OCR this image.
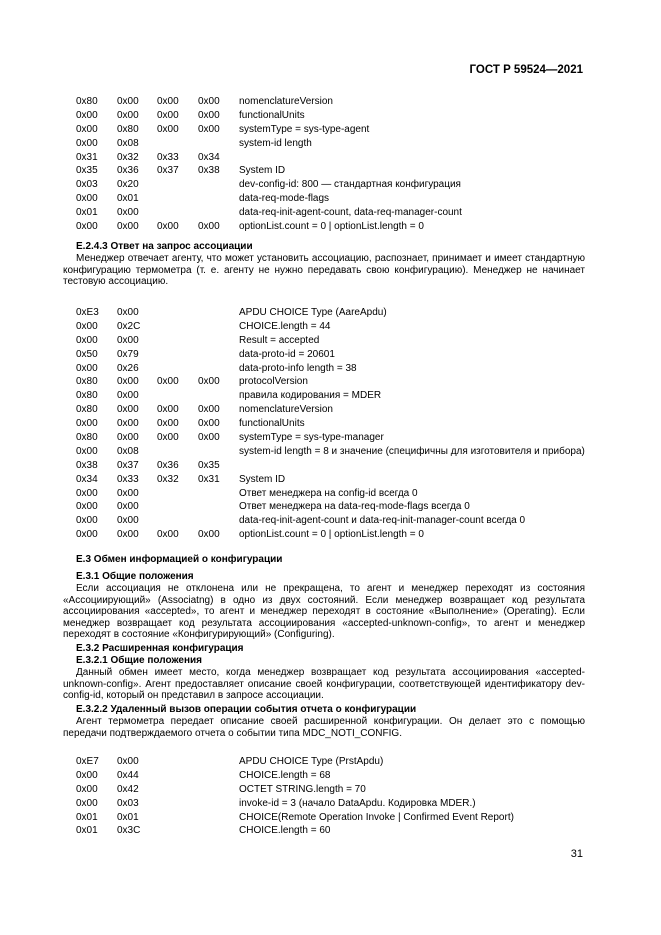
ГОСТ Р 59524—2021
0x80 0x00 0x00 0x00 nomenclatureVersion
0x00 0x00 0x00 0x00 functionalUnits
0x00 0x80 0x00 0x00 systemType = sys-type-agent
0x00 0x08	system-id length
0x31 0x32 0x33 0x34
0x35 0x36 0x37 0x38 System ID
0x03 0x20	dev-config-id: 800 — стандартная конфигурация
0x00 0x01	data-req-mode-flags
0x01 0x00	data-req-init-agent-count, data-req-manager-count
0x00 0x00 0x00 0x00 optionList.count = 0 | optionList.length = 0
E.2.4.3 Ответ на запрос ассоциации

Менеджер отвечает агенту, что может установить ассоциацию, распознает, принимает и имеет стандартную конфигурацию термометра (т. е. агенту не нужно передавать свою конфигурацию). Менеджер не начинает тестовую ассоциацию.

0xE3 0x00	APDU CHOICE Type (AareApdu)
0x00 0x2C	CHOICE.length = 44
0x00 0x00	Result = accepted
0x50 0x79	data-proto-id = 20601
0x00 0x26	data-proto-info length = 38
0x80 0x00 0x00 0x00 protocolVersion
0x80 0x00	правила кодирования = MDER
0x80 0x00 0x00 0x00 nomenclatureVersion
0x00 0x00 0x00 0x00 functionalUnits
0x80 0x00 0x00 0x00 systemType = sys-type-manager
0x00 0x08	system-id length = 8 и значение (специфичны для изготовителя и прибора)
0x38 0x37 0x36 0x35
0x34 0x33 0x32 0x31 System ID
0x00 0x00	Ответ менеджера на config-id всегда 0
0x00 0x00	Ответ менеджера на data-req-mode-flags всегда 0
0x00 0x00	data-req-init-agent-count и data-req-init-manager-count всегда 0
0x00 0x00 0x00 0x00 optionList.count = 0 | optionList.length = 0
E.3 Обмен информацией о конфигурации
E.3.1 Общие положения

Если ассоциация не отклонена или не прекращена, то агент и менеджер переходят из состояния «Ассоциирующий» (Associatng) в одно из двух состояний. Если менеджер возвращает код результата ассоциирования «accepted», то агент и менеджер переходят в состояние «Выполнение» (Operating). Если менеджер возвращает код результата ассоциирования «accepted-unknown-config», то агент и менеджер переходят в состояние «Конфигурирующий» (Configuring).

E.3.2 Расширенная конфигурация
E.3.2.1 Общие положения

Данный обмен имеет место, когда менеджер возвращает код результата ассоциирования «accepted-unknown-config». Агент предоставляет описание своей конфигурации, соответствующей идентификатору dev-config-id, который он представил в запросе ассоциации.

E.3.2.2 Удаленный вызов операции события отчета о конфигурации

Агент термометра передает описание своей расширенной конфигурации. Он делает это с помощью передачи подтверждаемого отчета о событии типа MDC_NOTI_CONFIG.

0xE7 0x00	APDU CHOICE Type (PrstApdu)
0x00 0x44	CHOICE.length = 68
0x00 0x42	OCTET STRING.length = 70
0x00 0x03	invoke-id = 3 (начало DataApdu. Кодировка MDER.)
0x01 0x01	CHOICE(Remote Operation Invoke | Confirmed Event Report)
0x01 0x3C	CHOICE.length = 60
31
